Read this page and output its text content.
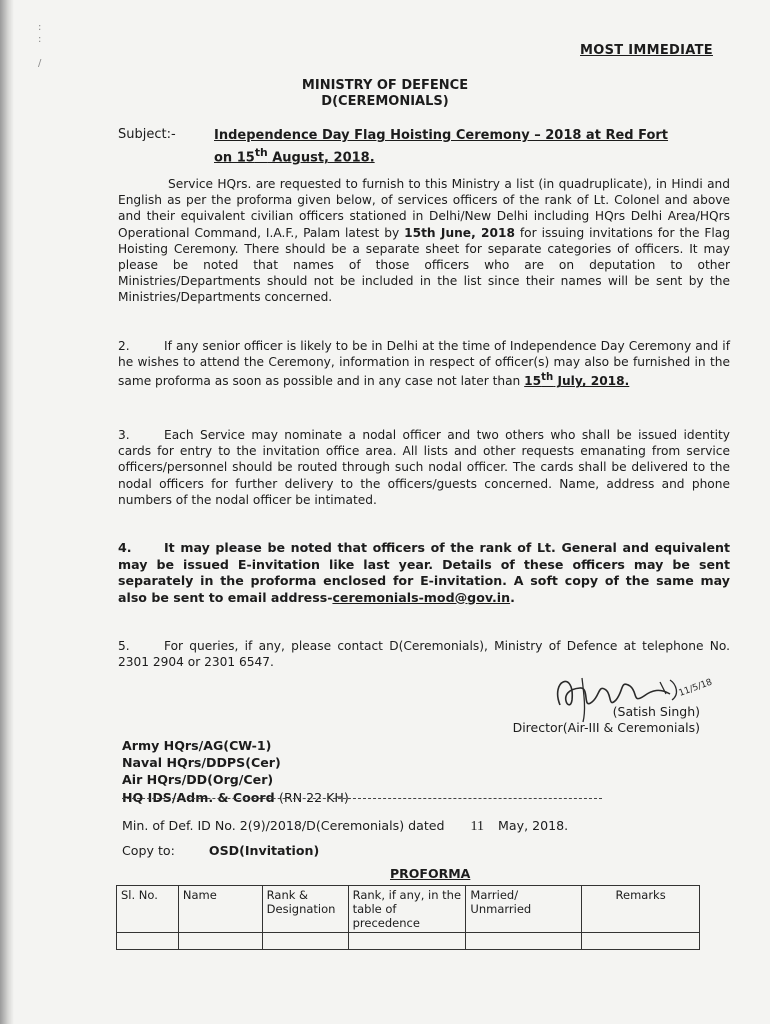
:
:

/
MOST IMMEDIATE
MINISTRY OF DEFENCE
D(CEREMONIALS)
Subject:-	Independence Day Flag Hoisting Ceremony – 2018 at Red Fort
on 15th August, 2018.
Service HQrs. are requested to furnish to this Ministry a list (in quadruplicate), in Hindi and English as per the proforma given below, of services officers of the rank of Lt. Colonel and above and their equivalent civilian officers stationed in Delhi/New Delhi including HQrs Delhi Area/HQrs Operational Command, I.A.F., Palam latest by 15th June, 2018 for issuing invitations for the Flag Hoisting Ceremony. There should be a separate sheet for separate categories of officers. It may please be noted that names of those officers who are on deputation to other Ministries/Departments should not be included in the list since their names will be sent by the Ministries/Departments concerned.
2.	If any senior officer is likely to be in Delhi at the time of Independence Day Ceremony and if he wishes to attend the Ceremony, information in respect of officer(s) may also be furnished in the same proforma as soon as possible and in any case not later than 15th July, 2018.
3.	Each Service may nominate a nodal officer and two others who shall be issued identity cards for entry to the invitation office area. All lists and other requests emanating from service officers/personnel should be routed through such nodal officer. The cards shall be delivered to the nodal officers for further delivery to the officers/guests concerned. Name, address and phone numbers of the nodal officer be intimated.
4.	It may please be noted that officers of the rank of Lt. General and equivalent may be issued E-invitation like last year. Details of these officers may be sent separately in the proforma enclosed for E-invitation. A soft copy of the same may also be sent to email address-ceremonials-mod@gov.in.
5.	For queries, if any, please contact D(Ceremonials), Ministry of Defence at telephone No. 2301 2904 or 2301 6547.
11/5/18
(Satish Singh)
Director(Air-III & Ceremonials)
Army HQrs/AG(CW-1)
Naval HQrs/DDPS(Cer)
Air HQrs/DD(Org/Cer)
HQ IDS/Adm. & Coord (RN 22 KH)
Min. of Def. ID No. 2(9)/2018/D(Ceremonials) dated 11 May, 2018.
Copy to:	OSD(Invitation)
PROFORMA
Sl. No.	Name	Rank & Designation	Rank, if any, in the table of precedence	Married/ Unmarried	Remarks
